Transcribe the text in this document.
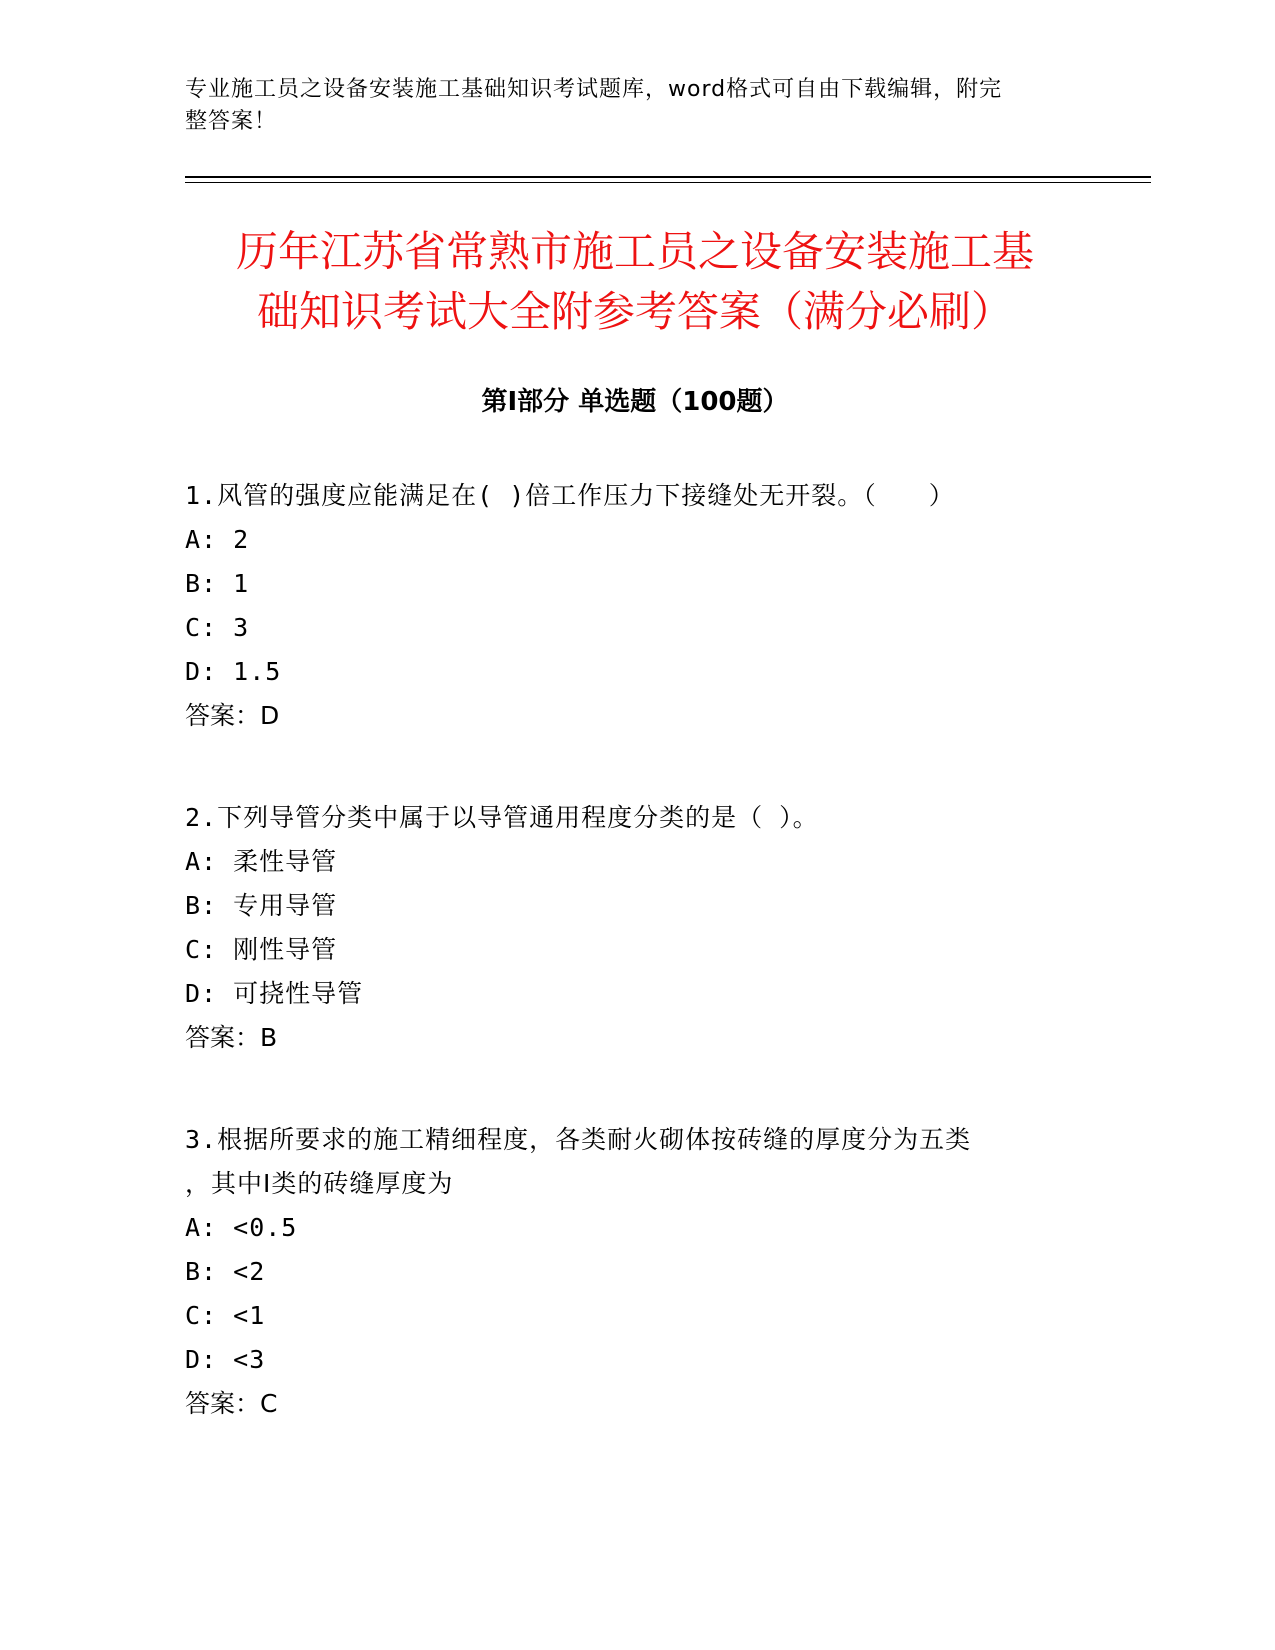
专业施工员之设备安装施工基础知识考试题库，word格式可自由下载编辑，附完
整答案！
历年江苏省常熟市施工员之设备安装施工基
础知识考试大全附参考答案（满分必刷）
第Ⅰ部分 单选题（100题）
1.风管的强度应能满足在( )倍工作压力下接缝处无开裂。（　　）
A: 2
B: 1
C: 3
D: 1.5
答案：D
2.下列导管分类中属于以导管通用程度分类的是（ ）。
A: 柔性导管
B: 专用导管
C: 刚性导管
D: 可挠性导管
答案：B
3.根据所要求的施工精细程度，各类耐火砌体按砖缝的厚度分为五类
，其中Ⅰ类的砖缝厚度为
A: <0.5
B: <2
C: <1
D: <3
答案：C
